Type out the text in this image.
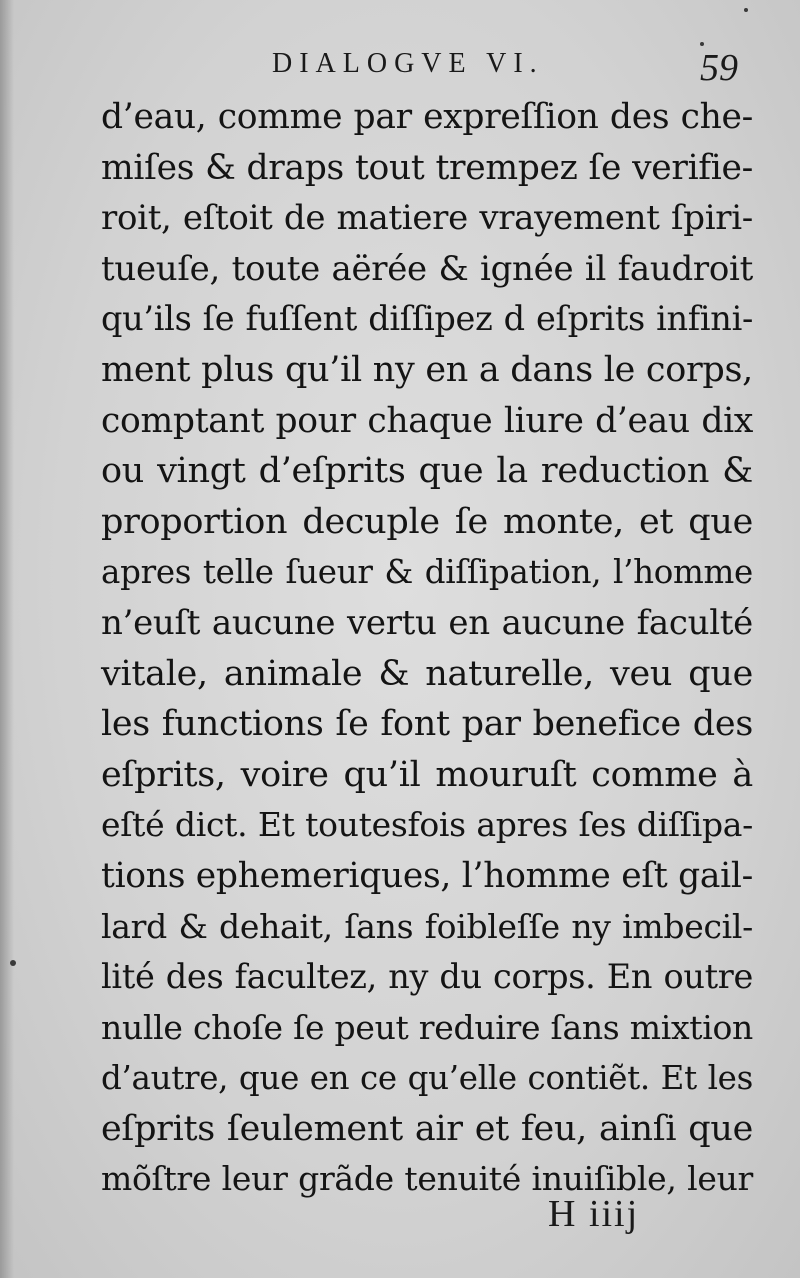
DIALOGVE VI.	59
d’eau, comme par expreſſion des che-
miſes & draps tout trempez ſe verifie-
roit, eſtoit de matiere vrayement ſpiri-
tueuſe, toute aërée & ignée il faudroit
qu’ils ſe fuſſent diſſipez d eſprits infini-
ment plus qu’il ny en a dans le corps,
comptant pour chaque liure d’eau dix
ou vingt d’eſprits que la reduction &
proportion decuple ſe monte, et que
apres telle ſueur & diſſipation, l’homme
n’euſt aucune vertu en aucune faculté
vitale, animale & naturelle, veu que
les functions ſe font par benefice des
eſprits, voire qu’il mouruſt comme à
eſté dict. Et toutesfois apres ſes diſſipa-
tions ephemeriques, l’homme eſt gail-
lard & dehait, ſans foibleſſe ny imbecil-
lité des facultez, ny du corps. En outre
nulle choſe ſe peut reduire ſans mixtion
d’autre, que en ce qu’elle contiẽt. Et les
eſprits ſeulement air et feu, ainſi que
mõſtre leur grãde tenuité inuiſible, leur
H iiij
